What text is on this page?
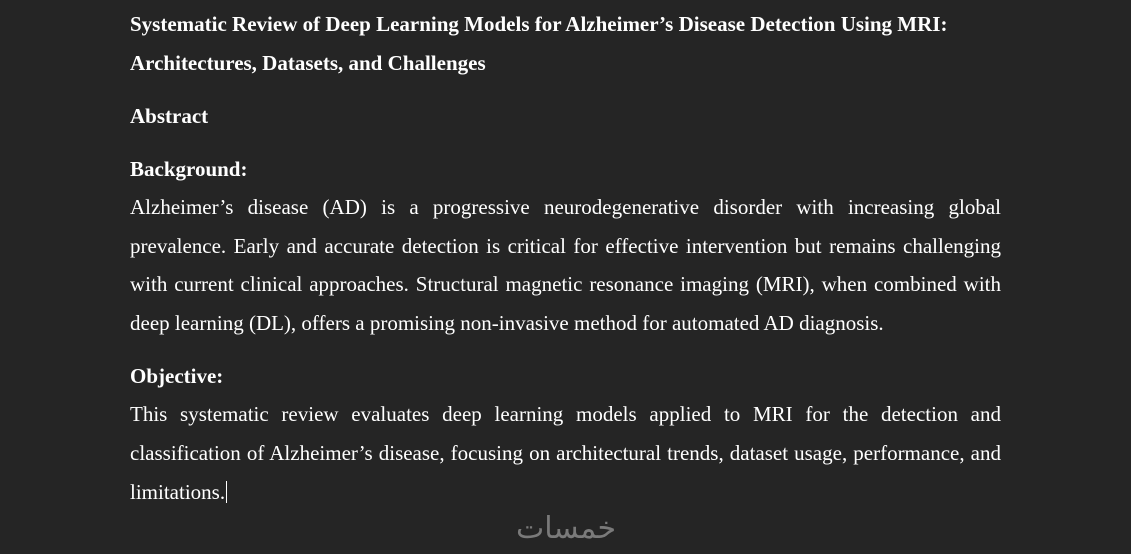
Systematic Review of Deep Learning Models for Alzheimer’s Disease Detection Using MRI: Architectures, Datasets, and Challenges

Abstract

Background:

Alzheimer’s disease (AD) is a progressive neurodegenerative disorder with increasing global prevalence. Early and accurate detection is critical for effective intervention but remains challenging with current clinical approaches. Structural magnetic resonance imaging (MRI), when combined with deep learning (DL), offers a promising non-invasive method for automated AD diagnosis.

Objective:

This systematic review evaluates deep learning models applied to MRI for the detection and classification of Alzheimer’s disease, focusing on architectural trends, dataset usage, performance, and limitations.

خمسات
